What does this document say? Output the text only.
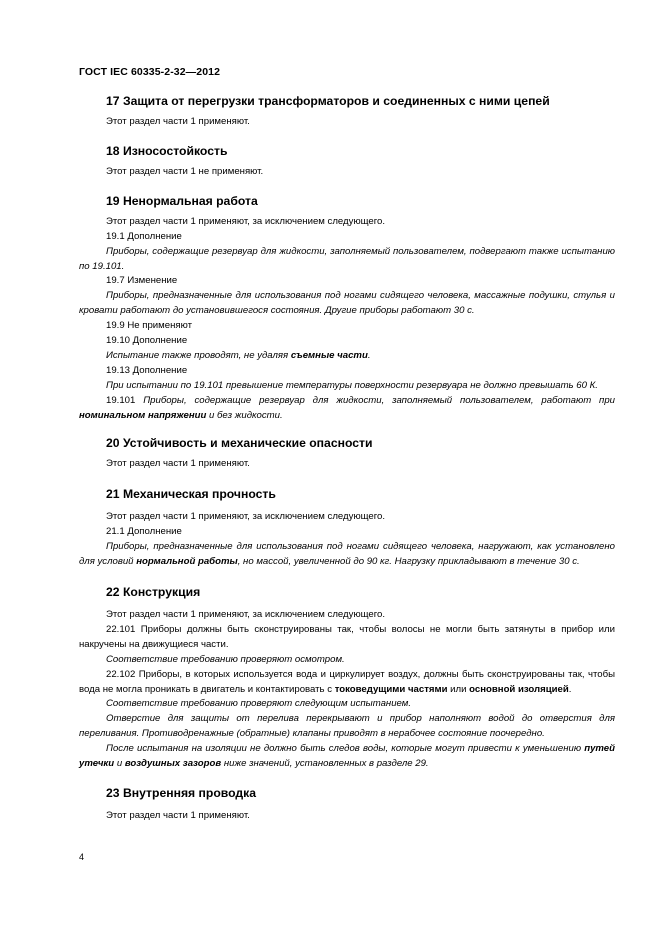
ГОСТ IEC 60335-2-32—2012
17 Защита от перегрузки трансформаторов и соединенных с ними цепей
Этот раздел части 1 применяют.
18 Износостойкость
Этот раздел части 1 не применяют.
19 Ненормальная работа
Этот раздел части 1 применяют, за исключением следующего.
19.1 Дополнение
Приборы, содержащие резервуар для жидкости, заполняемый пользователем, подвергают также испытанию по 19.101.
19.7 Изменение
Приборы, предназначенные для использования под ногами сидящего человека, массажные подушки, стулья и кровати работают до установившегося состояния. Другие приборы работают 30 с.
19.9 Не применяют
19.10 Дополнение
Испытание также проводят, не удаляя съемные части.
19.13 Дополнение
При испытании по 19.101 превышение температуры поверхности резервуара не должно превышать 60 К.
19.101 Приборы, содержащие резервуар для жидкости, заполняемый пользователем, работают при номинальном напряжении и без жидкости.
20 Устойчивость и механические опасности
Этот раздел части 1 применяют.
21 Механическая прочность
Этот раздел части 1 применяют, за исключением следующего.
21.1 Дополнение
Приборы, предназначенные для использования под ногами сидящего человека, нагружают, как установлено для условий нормальной работы, но массой, увеличенной до 90 кг. Нагрузку прикладывают в течение 30 с.
22 Конструкция
Этот раздел части 1 применяют, за исключением следующего.
22.101 Приборы должны быть сконструированы так, чтобы волосы не могли быть затянуты в прибор или накручены на движущиеся части.
Соответствие требованию проверяют осмотром.
22.102 Приборы, в которых используется вода и циркулирует воздух, должны быть сконструированы так, чтобы вода не могла проникать в двигатель и контактировать с токоведущими частями или основной изоляцией.
Соответствие требованию проверяют следующим испытанием.
Отверстие для защиты от перелива перекрывают и прибор наполняют водой до отверстия для переливания. Противодренажные (обратные) клапаны приводят в нерабочее состояние поочередно.
После испытания на изоляции не должно быть следов воды, которые могут привести к уменьшению путей утечки и воздушных зазоров ниже значений, установленных в разделе 29.
23 Внутренняя проводка
Этот раздел части 1 применяют.
4
